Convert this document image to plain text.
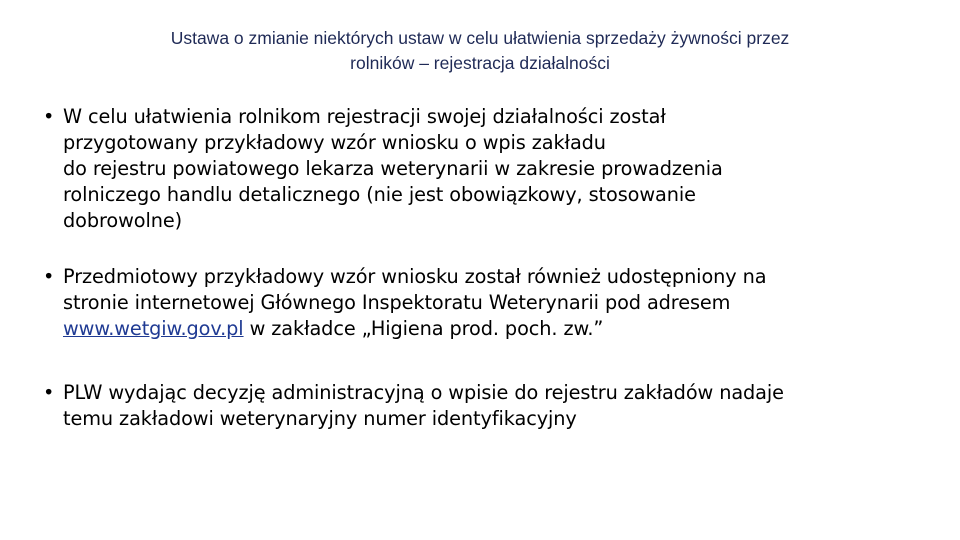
Ustawa o zmianie niektórych ustaw w celu ułatwienia sprzedaży żywności przez
rolników – rejestracja działalności
• W celu ułatwienia rolnikom rejestracji swojej działalności został
przygotowany przykładowy wzór wniosku o wpis zakładu
do rejestru powiatowego lekarza weterynarii w zakresie prowadzenia
rolniczego handlu detalicznego (nie jest obowiązkowy, stosowanie
dobrowolne)
• Przedmiotowy przykładowy wzór wniosku został również udostępniony na
stronie internetowej Głównego Inspektoratu Weterynarii pod adresem
www.wetgiw.gov.pl w zakładce „Higiena prod. poch. zw.”
• PLW wydając decyzję administracyjną o wpisie do rejestru zakładów nadaje
temu zakładowi weterynaryjny numer identyfikacyjny
